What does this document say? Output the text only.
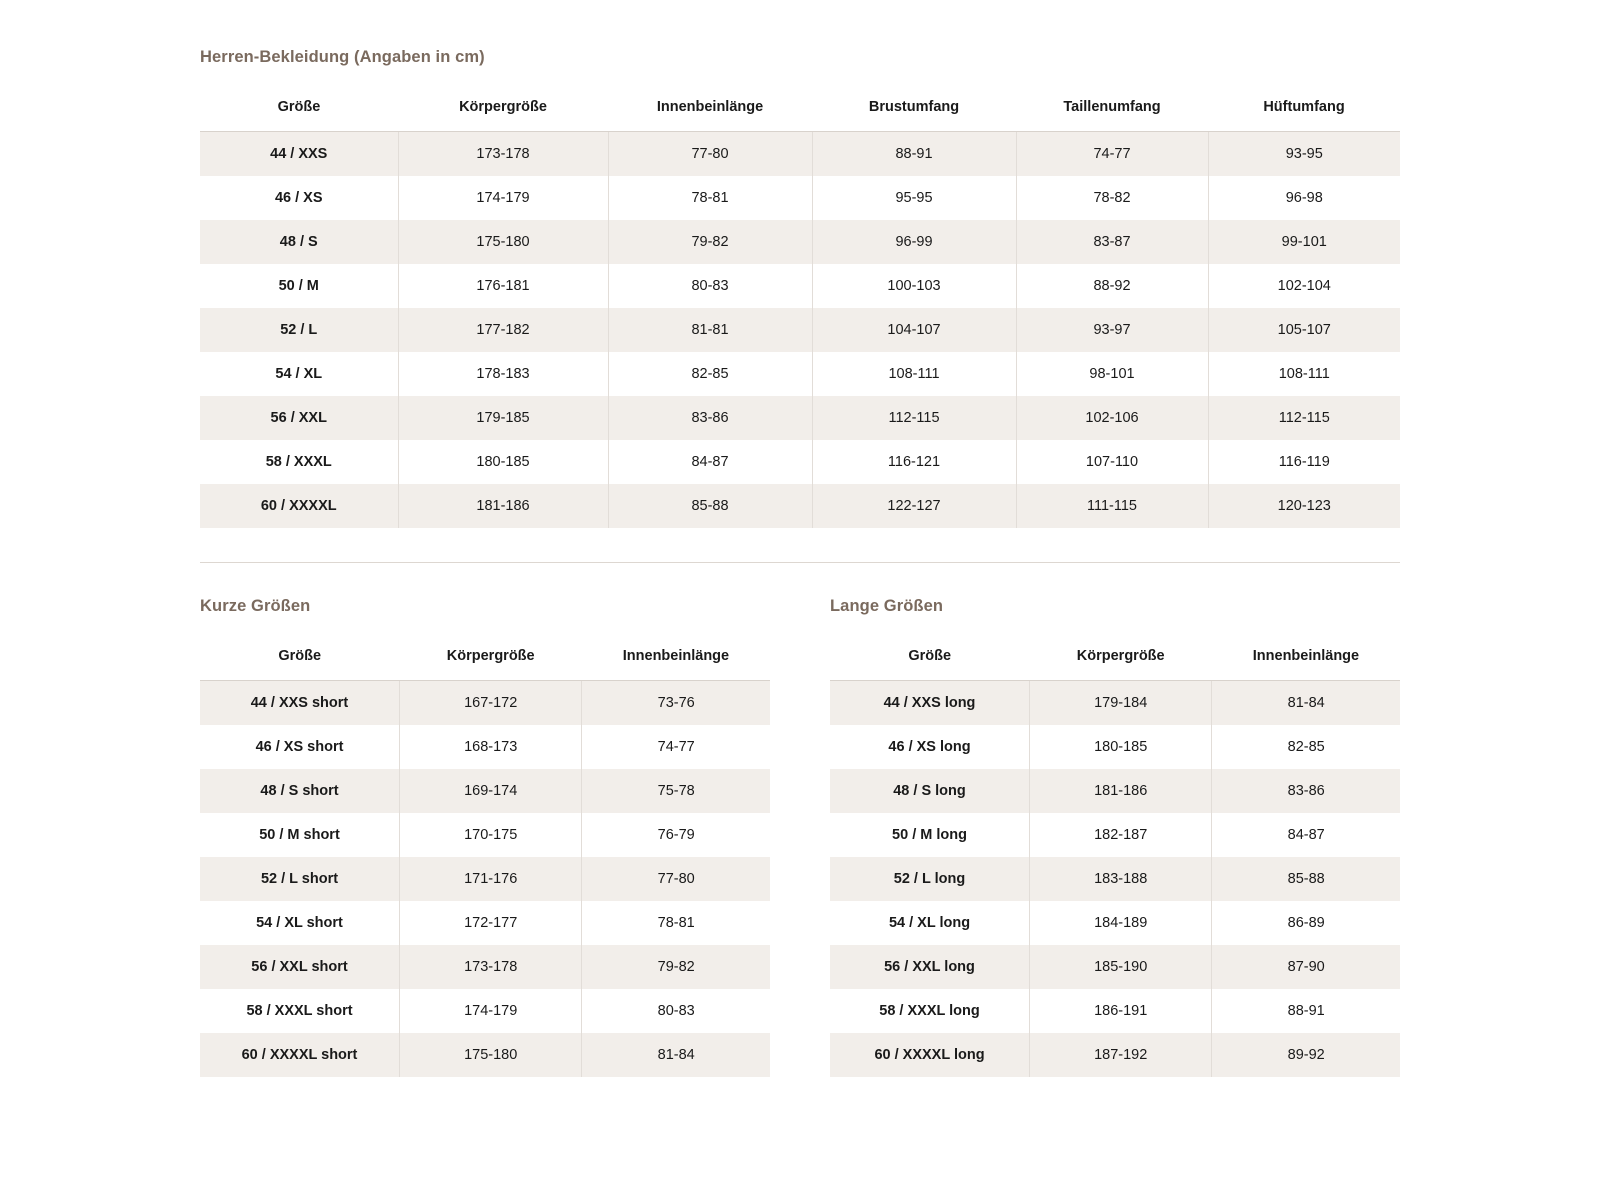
Herren-Bekleidung (Angaben in cm)
Größe	Körpergröße	Innenbeinlänge	Brustumfang	Taillenumfang	Hüftumfang
44 / XXS	173-178	77-80	88-91	74-77	93-95
46 / XS	174-179	78-81	95-95	78-82	96-98
48 / S	175-180	79-82	96-99	83-87	99-101
50 / M	176-181	80-83	100-103	88-92	102-104
52 / L	177-182	81-81	104-107	93-97	105-107
54 / XL	178-183	82-85	108-111	98-101	108-111
56 / XXL	179-185	83-86	112-115	102-106	112-115
58 / XXXL	180-185	84-87	116-121	107-110	116-119
60 / XXXXL	181-186	85-88	122-127	111-115	120-123
Kurze Größen
Größe	Körpergröße	Innenbeinlänge
44 / XXS short	167-172	73-76
46 / XS short	168-173	74-77
48 / S short	169-174	75-78
50 / M short	170-175	76-79
52 / L short	171-176	77-80
54 / XL short	172-177	78-81
56 / XXL short	173-178	79-82
58 / XXXL short	174-179	80-83
60 / XXXXL short	175-180	81-84
Lange Größen
Größe	Körpergröße	Innenbeinlänge
44 / XXS long	179-184	81-84
46 / XS long	180-185	82-85
48 / S long	181-186	83-86
50 / M long	182-187	84-87
52 / L long	183-188	85-88
54 / XL long	184-189	86-89
56 / XXL long	185-190	87-90
58 / XXXL long	186-191	88-91
60 / XXXXL long	187-192	89-92
